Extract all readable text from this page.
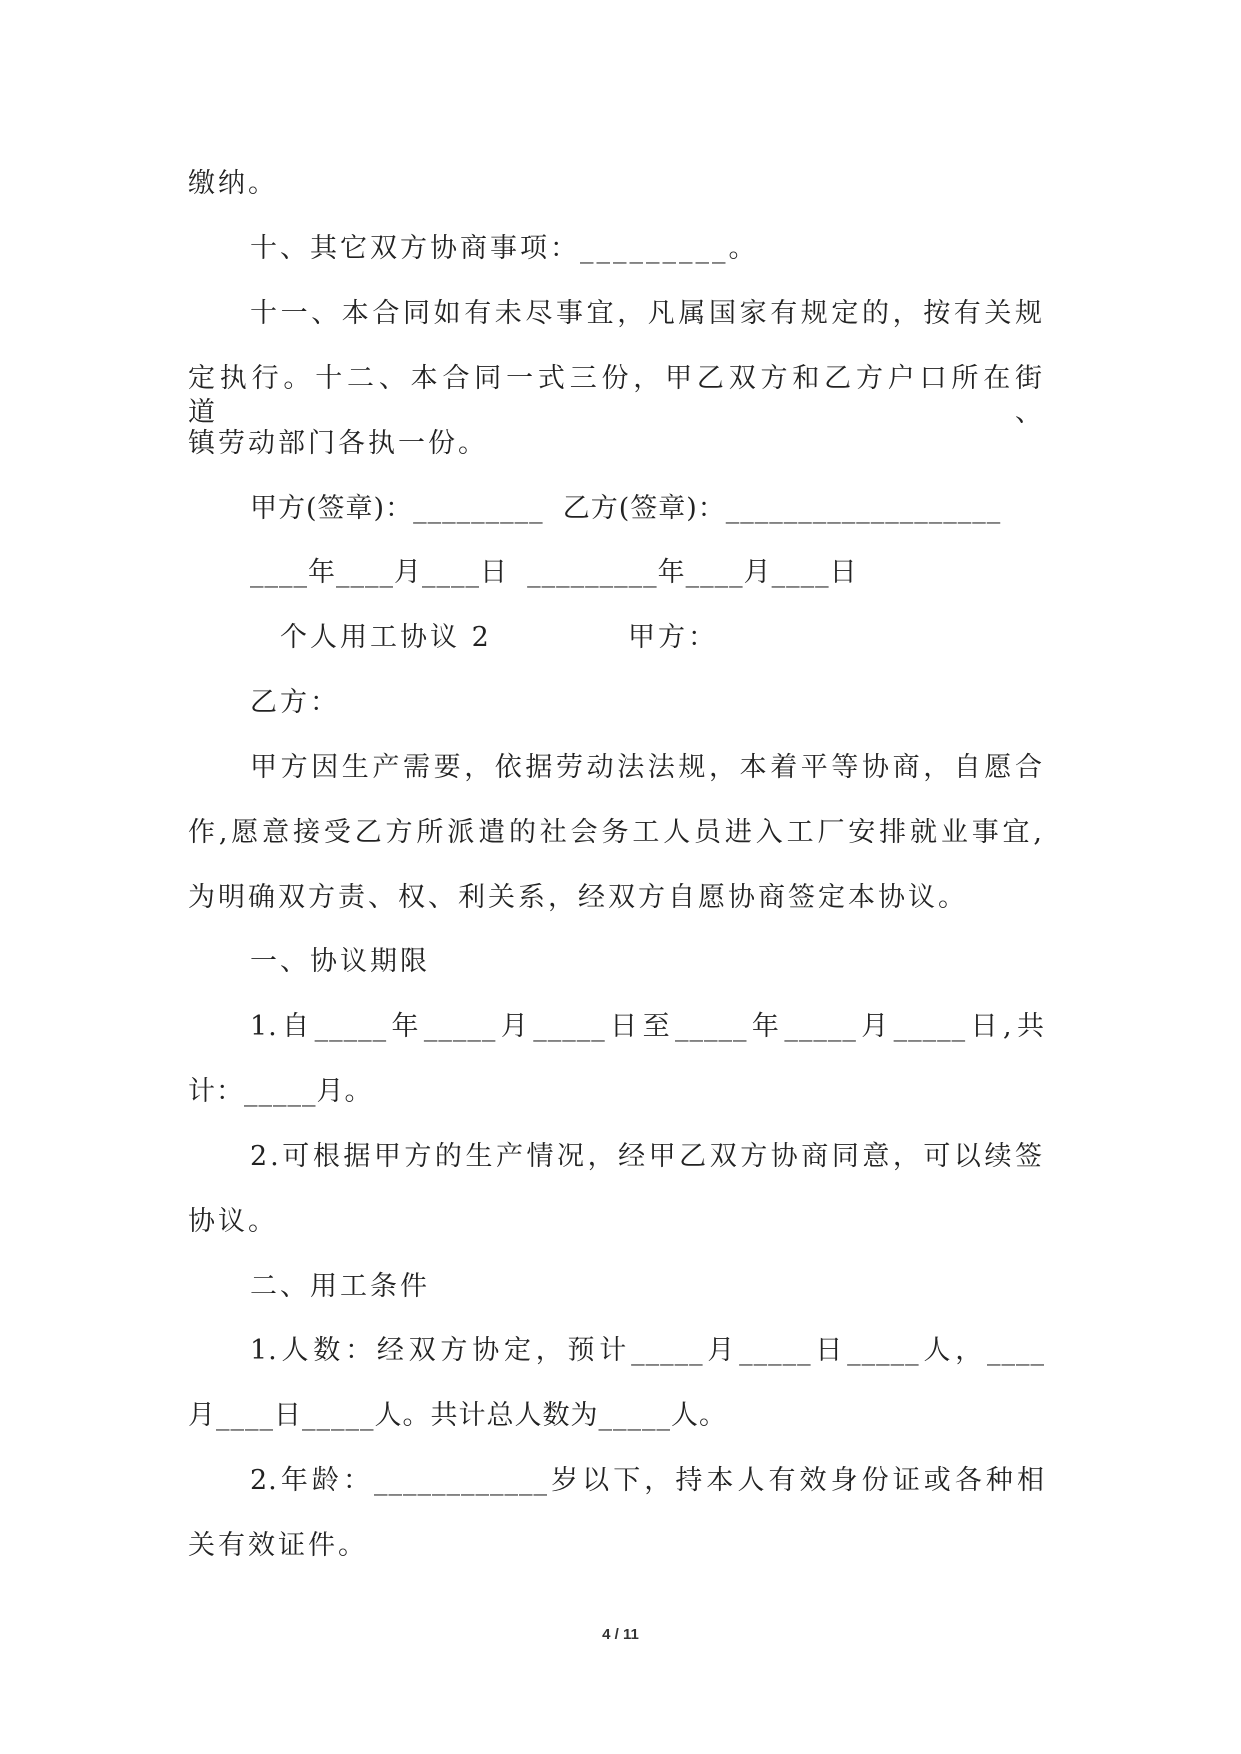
缴纳。
十、其它双方协商事项：_________。
十一、本合同如有未尽事宜，凡属国家有规定的，按有关规
定执行。十二、本合同一式三份，甲乙双方和乙方户口所在街道、
镇劳动部门各执一份。
甲方(签章)：_________  乙方(签章)：___________________
____年____月____日  _________年____月____日
个人用工协议 2	甲方：
乙方：
甲方因生产需要，依据劳动法法规，本着平等协商，自愿合
作,愿意接受乙方所派遣的社会务工人员进入工厂安排就业事宜,
为明确双方责、权、利关系，经双方自愿协商签定本协议。
一、协议期限
1.自_____年_____月_____日至_____年_____月_____日,共
计：_____月。
2.可根据甲方的生产情况，经甲乙双方协商同意，可以续签
协议。
二、用工条件
1.人数：经双方协定，预计_____月_____日_____人，____
月____日_____人。共计总人数为_____人。
2.年龄：____________岁以下，持本人有效身份证或各种相
关有效证件。
4 / 11
